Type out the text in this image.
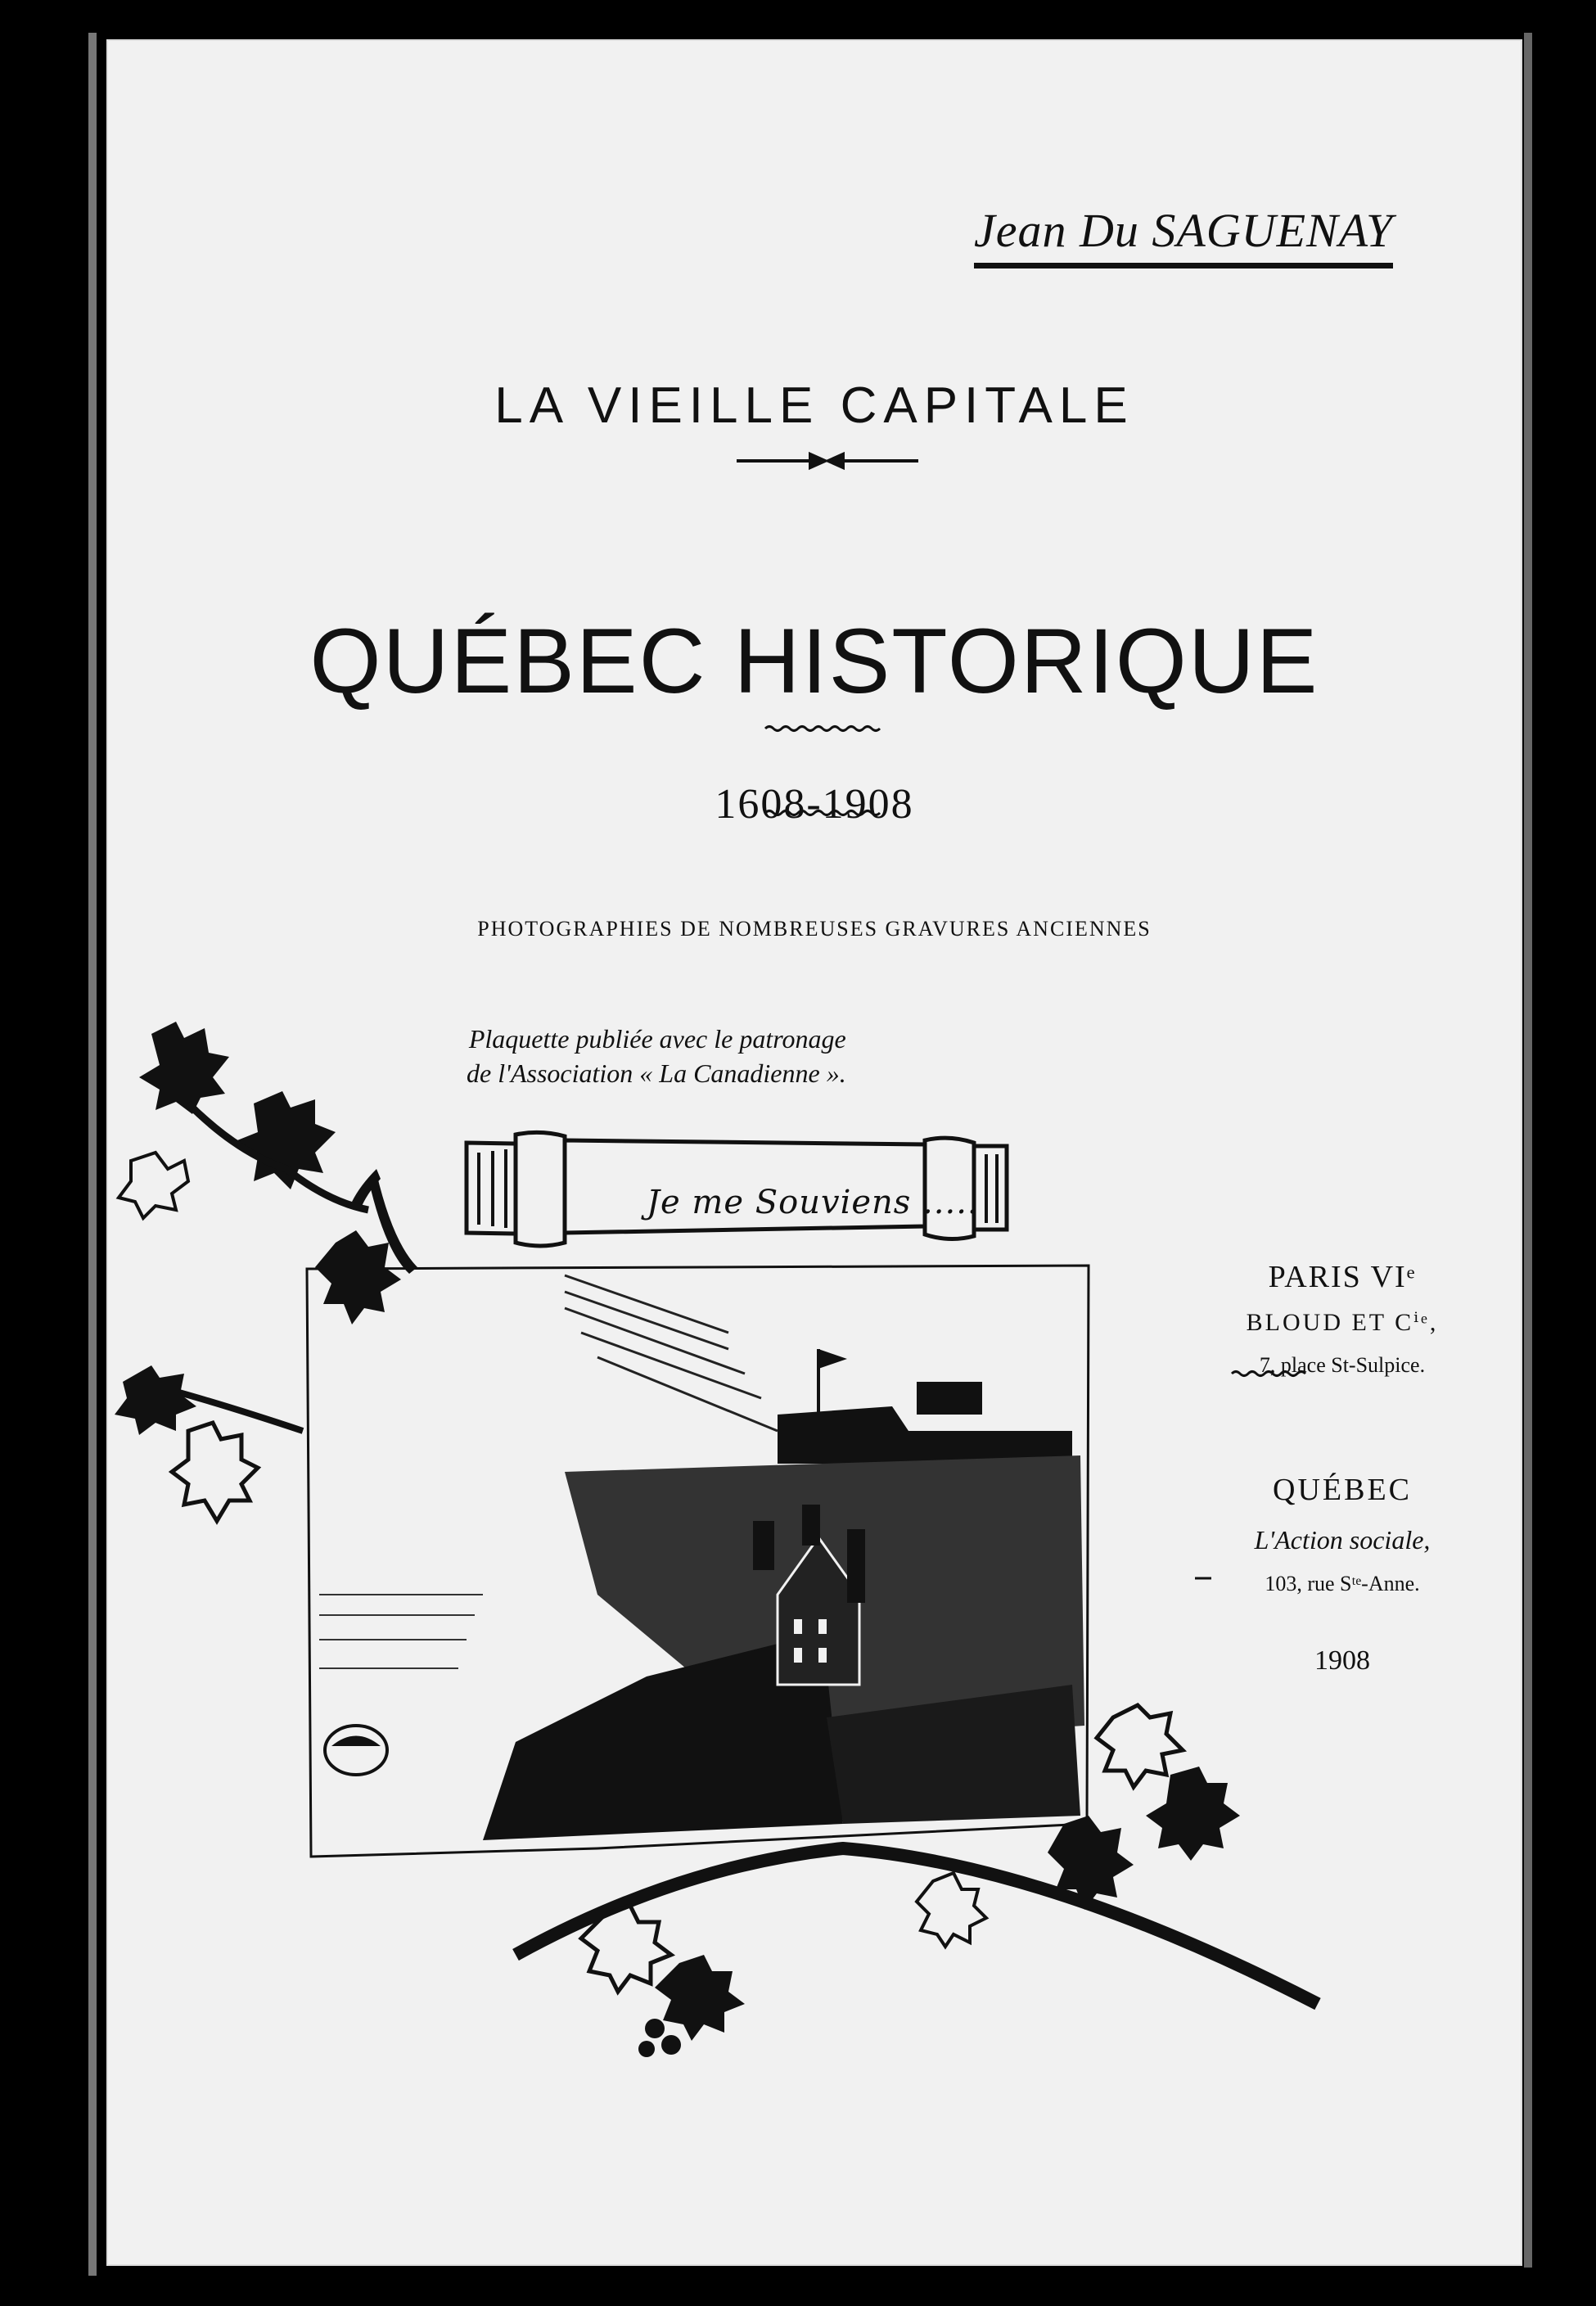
Jean Du SAGUENAY
LA VIEILLE CAPITALE
QUÉBEC HISTORIQUE
1608-1908
PHOTOGRAPHIES DE NOMBREUSES GRAVURES ANCIENNES
Plaquette publiée avec le patronage
de l'Association « La Canadienne ».
Je me Souviens .....
PARIS VIᵉ
BLOUD ET Cⁱᵉ,
7, place St-Sulpice.
QUÉBEC
L'Action sociale,
103, rue Sᵗᵉ-Anne.
1908
